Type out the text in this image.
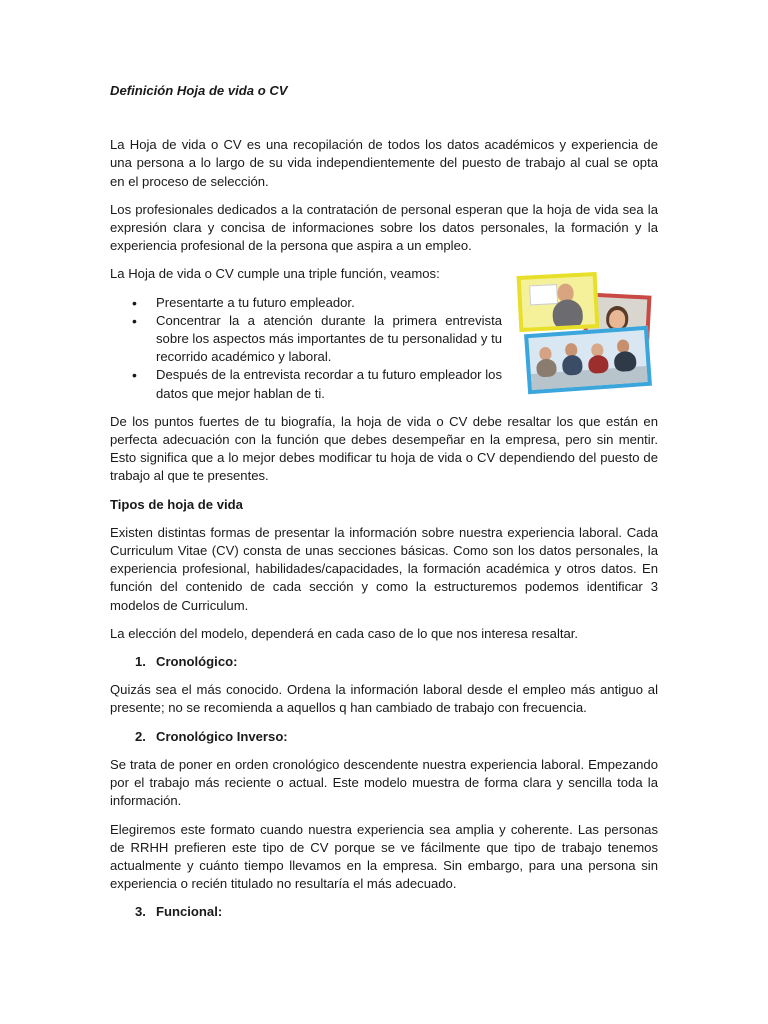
Definición Hoja de vida o CV

La Hoja de vida o CV es una recopilación de todos los datos académicos y experiencia de una persona a lo largo de su vida independientemente del puesto de trabajo al cual se opta en el proceso de selección.

Los profesionales dedicados a la contratación de personal esperan que la hoja de vida sea la expresión clara y concisa de informaciones sobre los datos personales, la formación y la experiencia profesional de la persona que aspira a un empleo.

La Hoja de vida o CV cumple una triple función, veamos:

• Presentarte a tu futuro empleador.
• Concentrar la a atención durante la primera entrevista sobre los aspectos más importantes de tu personalidad y tu recorrido académico y laboral.
• Después de la entrevista recordar a tu futuro empleador los datos que mejor hablan de ti.

De los puntos fuertes de tu biografía, la hoja de vida o CV debe resaltar los que están en perfecta adecuación con la función que debes desempeñar en la empresa, pero sin mentir. Esto significa que a lo mejor debes modificar tu hoja de vida o CV dependiendo del puesto de trabajo al que te presentes.

Tipos de hoja de vida

Existen distintas formas de presentar la información sobre nuestra experiencia laboral. Cada Curriculum Vitae (CV) consta de unas secciones básicas. Como son los datos personales, la experiencia profesional, habilidades/capacidades, la formación académica y otros datos. En función del contenido de cada sección y como la estructuremos podemos identificar 3 modelos de Curriculum.

La elección del modelo, dependerá en cada caso de lo que nos interesa resaltar.

1. Cronológico:

Quizás sea el más conocido. Ordena la información laboral desde el empleo más antiguo al presente; no se recomienda a aquellos q han cambiado de trabajo con frecuencia.

2. Cronológico Inverso:

Se trata de poner en orden cronológico descendente nuestra experiencia laboral. Empezando por el trabajo más reciente o actual. Este modelo muestra de forma clara y sencilla toda la información.

Elegiremos este formato cuando nuestra experiencia sea amplia y coherente. Las personas de RRHH prefieren este tipo de CV porque se ve fácilmente que tipo de trabajo tenemos actualmente y cuánto tiempo llevamos en la empresa. Sin embargo, para una persona sin experiencia o recién titulado no resultaría el más adecuado.

3. Funcional:
